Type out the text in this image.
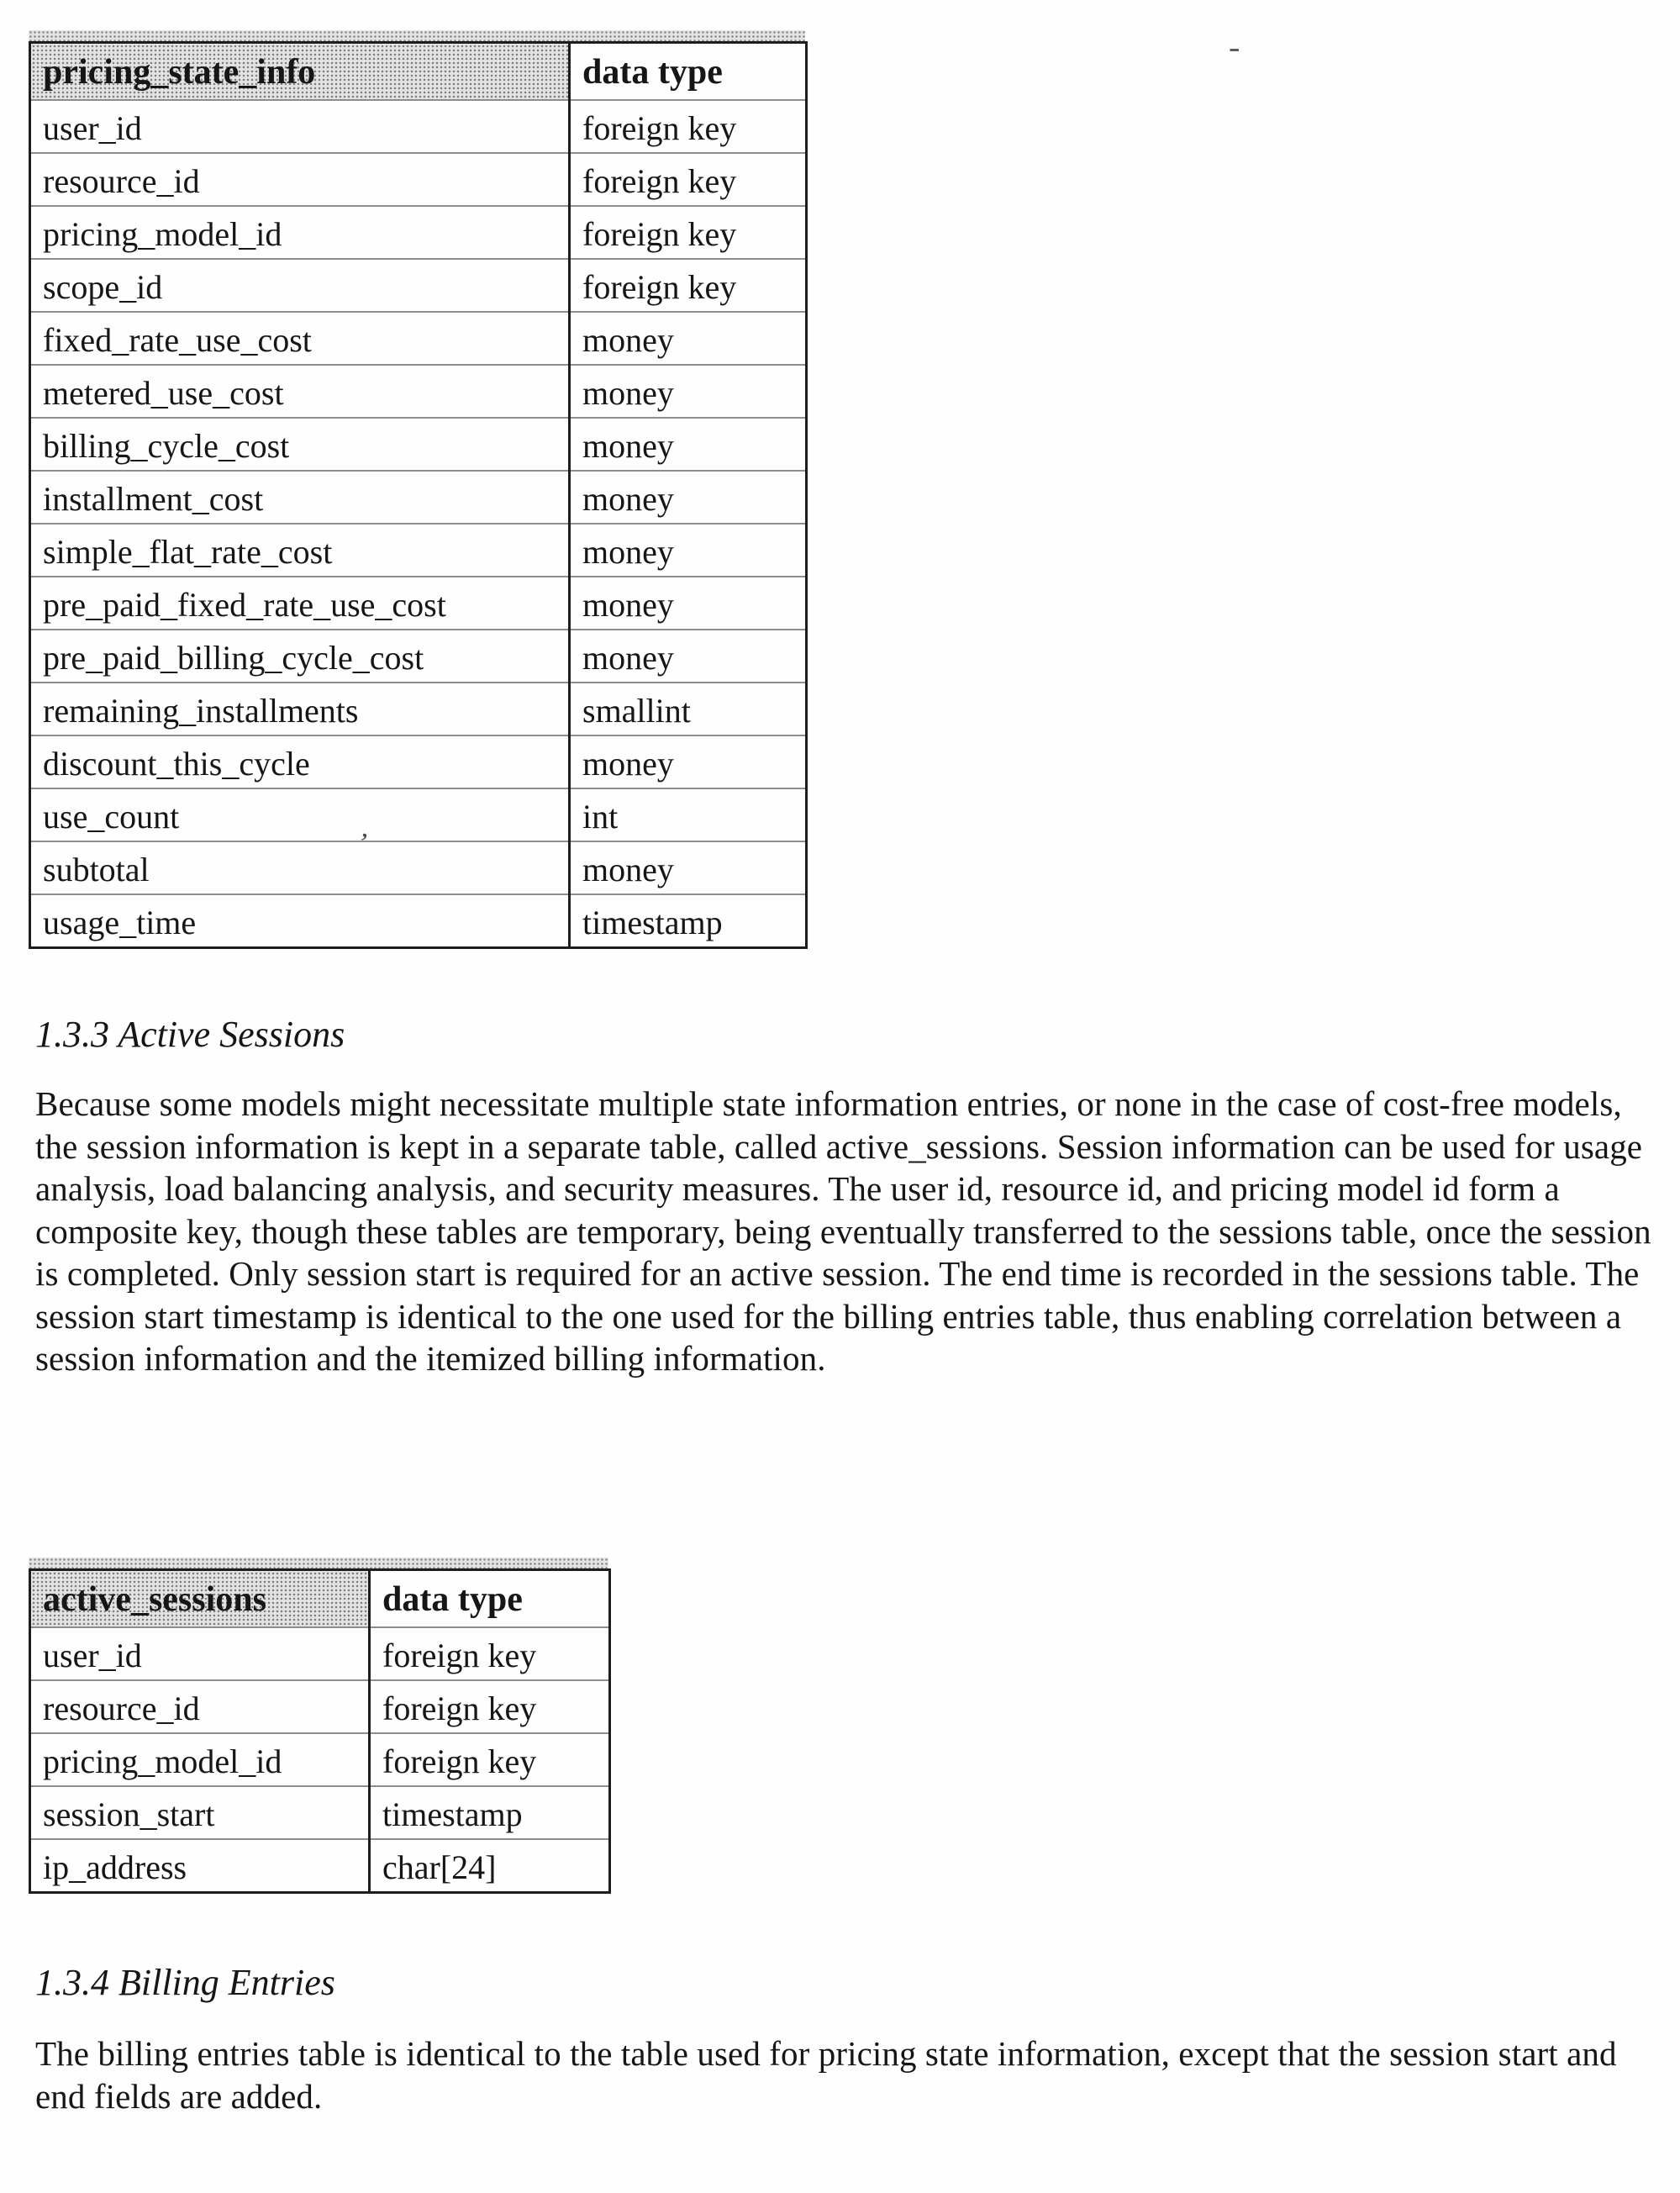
-
pricing_state_info	data type
user_id	foreign key
resource_id	foreign key
pricing_model_id	foreign key
scope_id	foreign key
fixed_rate_use_cost	money
metered_use_cost	money
billing_cycle_cost	money
installment_cost	money
simple_flat_rate_cost	money
pre_paid_fixed_rate_use_cost	money
pre_paid_billing_cycle_cost	money
remaining_installments	smallint
discount_this_cycle	money
use_count	int
subtotal	money
usage_time	timestamp
’
1.3.3 Active Sessions
Because some models might necessitate multiple state information entries, or none in the case of cost-free models, the session information is kept in a separate table, called active_sessions. Session information can be used for usage analysis, load balancing analysis, and security measures. The user id, resource id, and pricing model id form a composite key, though these tables are temporary, being eventually transferred to the sessions table, once the session is completed. Only session start is required for an active session. The end time is recorded in the sessions table. The session start timestamp is identical to the one used for the billing entries table, thus enabling correlation between a session information and the itemized billing information.
active_sessions	data type
user_id	foreign key
resource_id	foreign key
pricing_model_id	foreign key
session_start	timestamp
ip_address	char[24]
1.3.4 Billing Entries
The billing entries table is identical to the table used for pricing state information, except that the session start and end fields are added.
